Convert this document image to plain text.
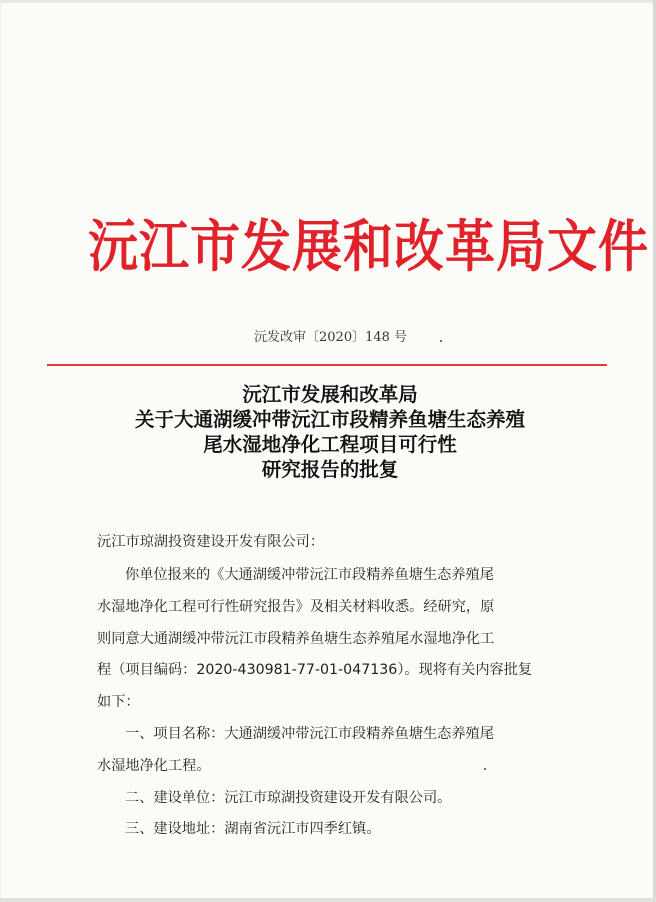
沅江市发展和改革局文件
沅发改审〔2020〕148 号
沅江市发展和改革局
关于大通湖缓冲带沅江市段精养鱼塘生态养殖
尾水湿地净化工程项目可行性
研究报告的批复
沅江市琼湖投资建设开发有限公司：
你单位报来的《大通湖缓冲带沅江市段精养鱼塘生态养殖尾
水湿地净化工程可行性研究报告》及相关材料收悉。经研究，原
则同意大通湖缓冲带沅江市段精养鱼塘生态养殖尾水湿地净化工
程（项目编码：2020-430981-77-01-047136）。现将有关内容批复
如下：
一、项目名称：大通湖缓冲带沅江市段精养鱼塘生态养殖尾
水湿地净化工程。
二、建设单位：沅江市琼湖投资建设开发有限公司。
三、建设地址：湖南省沅江市四季红镇。
